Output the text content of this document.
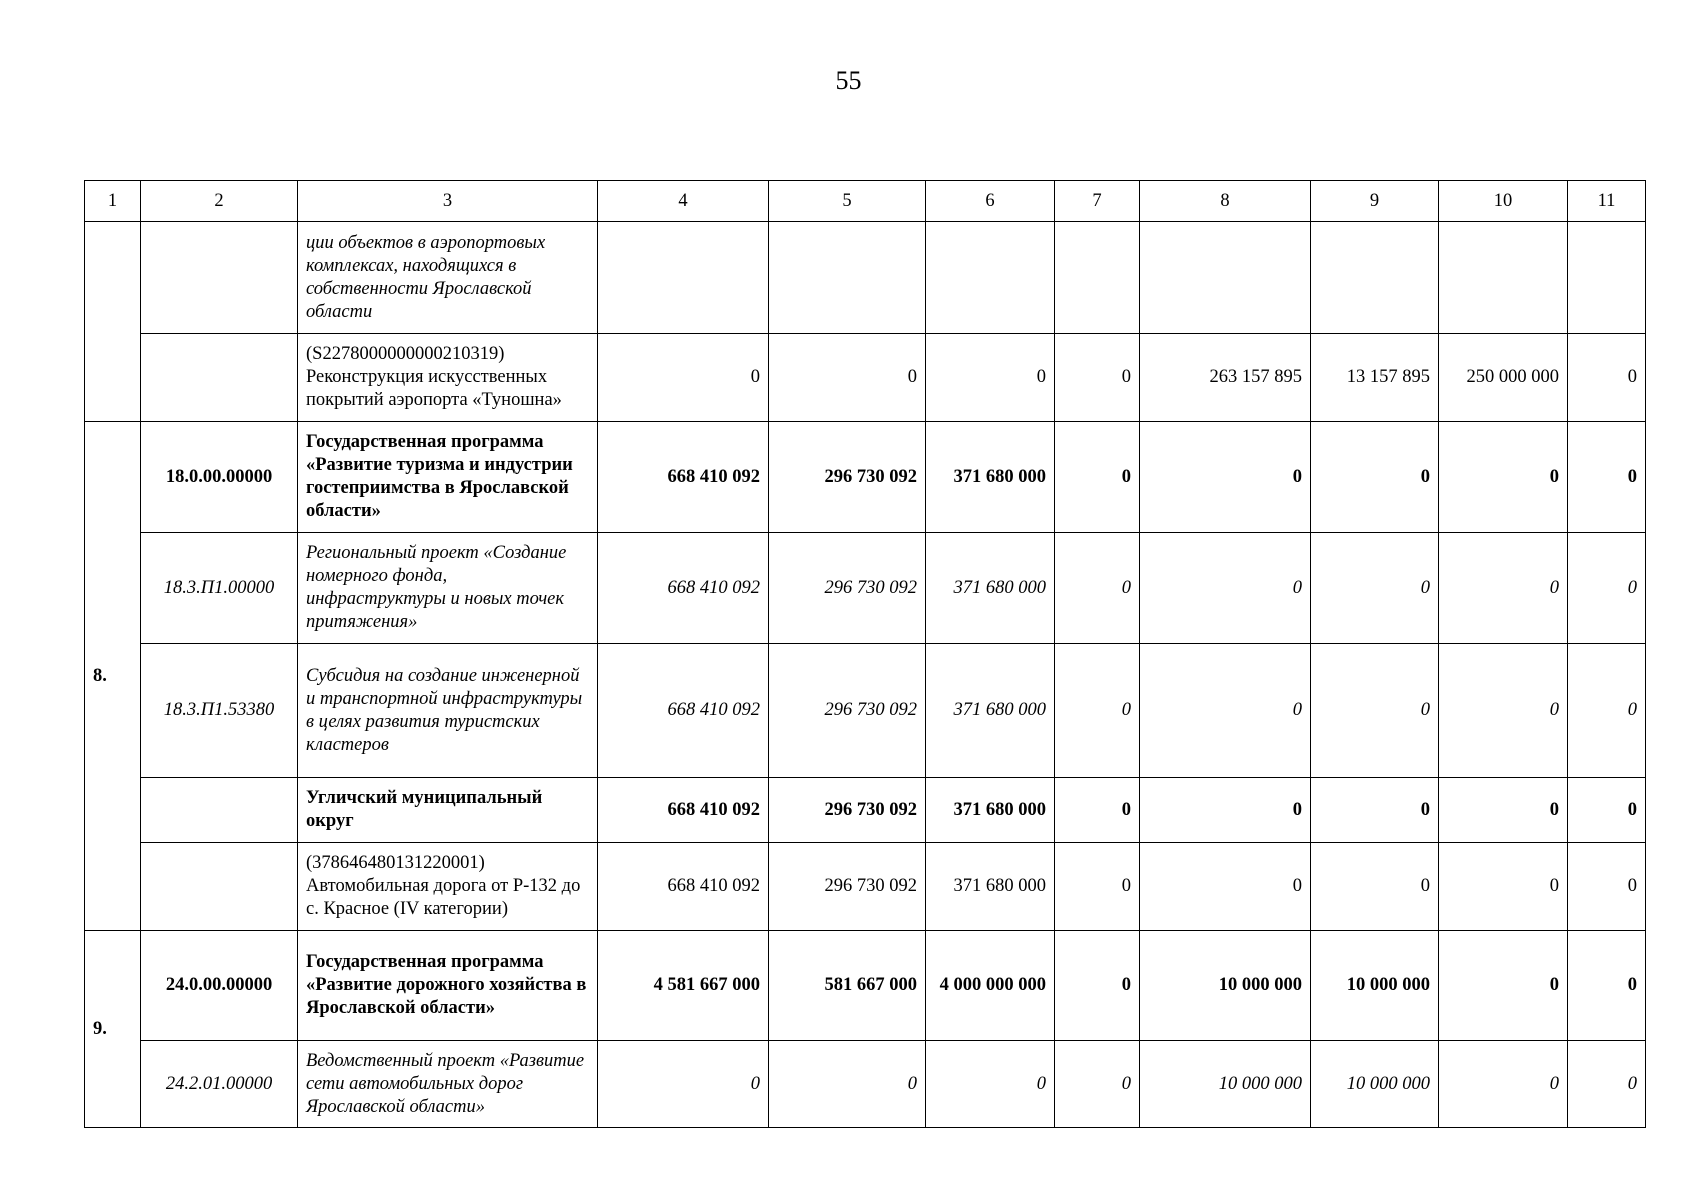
55
1	2	3	4	5	6	7	8	9	10	11
		ции объектов в аэропортовых комплексах, находящихся в собственности Ярославской области								
		(S2278000000000210319) Реконструкция искусственных покрытий аэропорта «Туношна»	0	0	0	0	263 157 895	13 157 895	250 000 000	0
8.	18.0.00.00000	Государственная программа «Развитие туризма и индустрии гостеприимства в Ярославской области»	668 410 092	296 730 092	371 680 000	0	0	0	0	0
	18.3.П1.00000	Региональный проект «Создание номерного фонда, инфраструктуры и новых точек притяжения»	668 410 092	296 730 092	371 680 000	0	0	0	0	0
	18.3.П1.53380	Субсидия на создание инженерной и транспортной инфраструктуры в целях развития туристских кластеров	668 410 092	296 730 092	371 680 000	0	0	0	0	0
		Угличский муниципальный округ	668 410 092	296 730 092	371 680 000	0	0	0	0	0
		(378646480131220001) Автомобильная дорога от Р-132 до с. Красное (IV категории)	668 410 092	296 730 092	371 680 000	0	0	0	0	0
9.	24.0.00.00000	Государственная программа «Развитие дорожного хозяйства в Ярославской области»	4 581 667 000	581 667 000	4 000 000 000	0	10 000 000	10 000 000	0	0
	24.2.01.00000	Ведомственный проект «Развитие сети автомобильных дорог Ярославской области»	0	0	0	0	10 000 000	10 000 000	0	0
